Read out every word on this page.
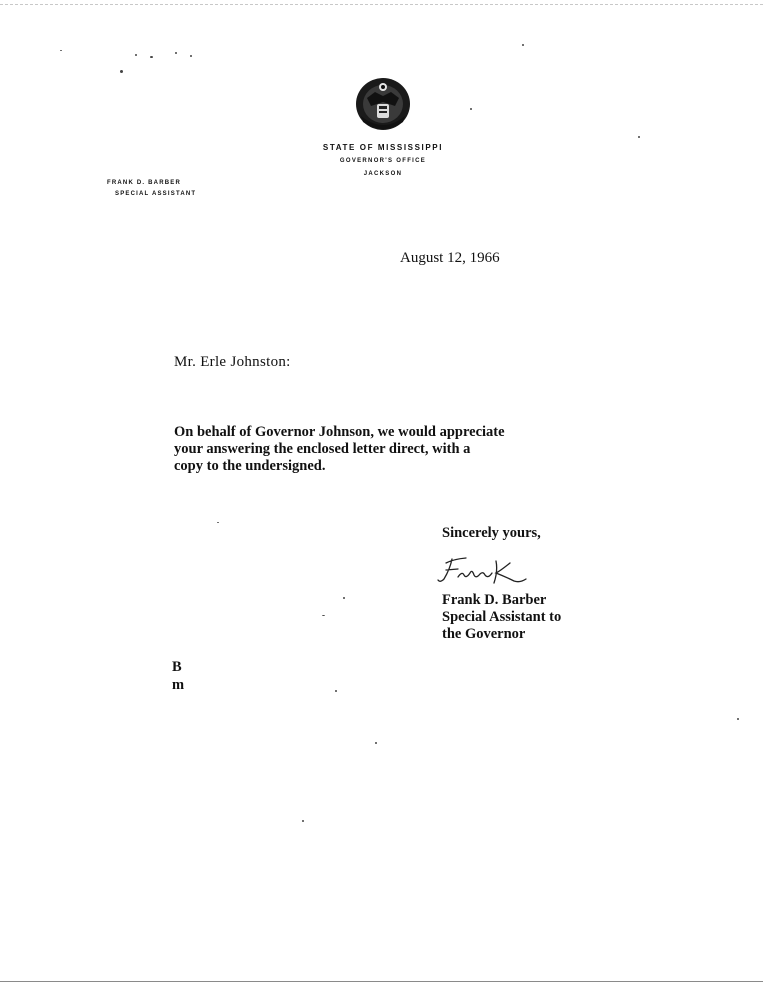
STATE OF MISSISSIPPI
GOVERNOR'S OFFICE
JACKSON
FRANK D. BARBER
SPECIAL ASSISTANT
August 12, 1966
Mr. Erle Johnston:
On behalf of Governor Johnson, we would appreciate
your answering the enclosed letter direct, with a
copy to the undersigned.
Sincerely yours,
Frank D. Barber
Special Assistant to
the Governor
B
m
